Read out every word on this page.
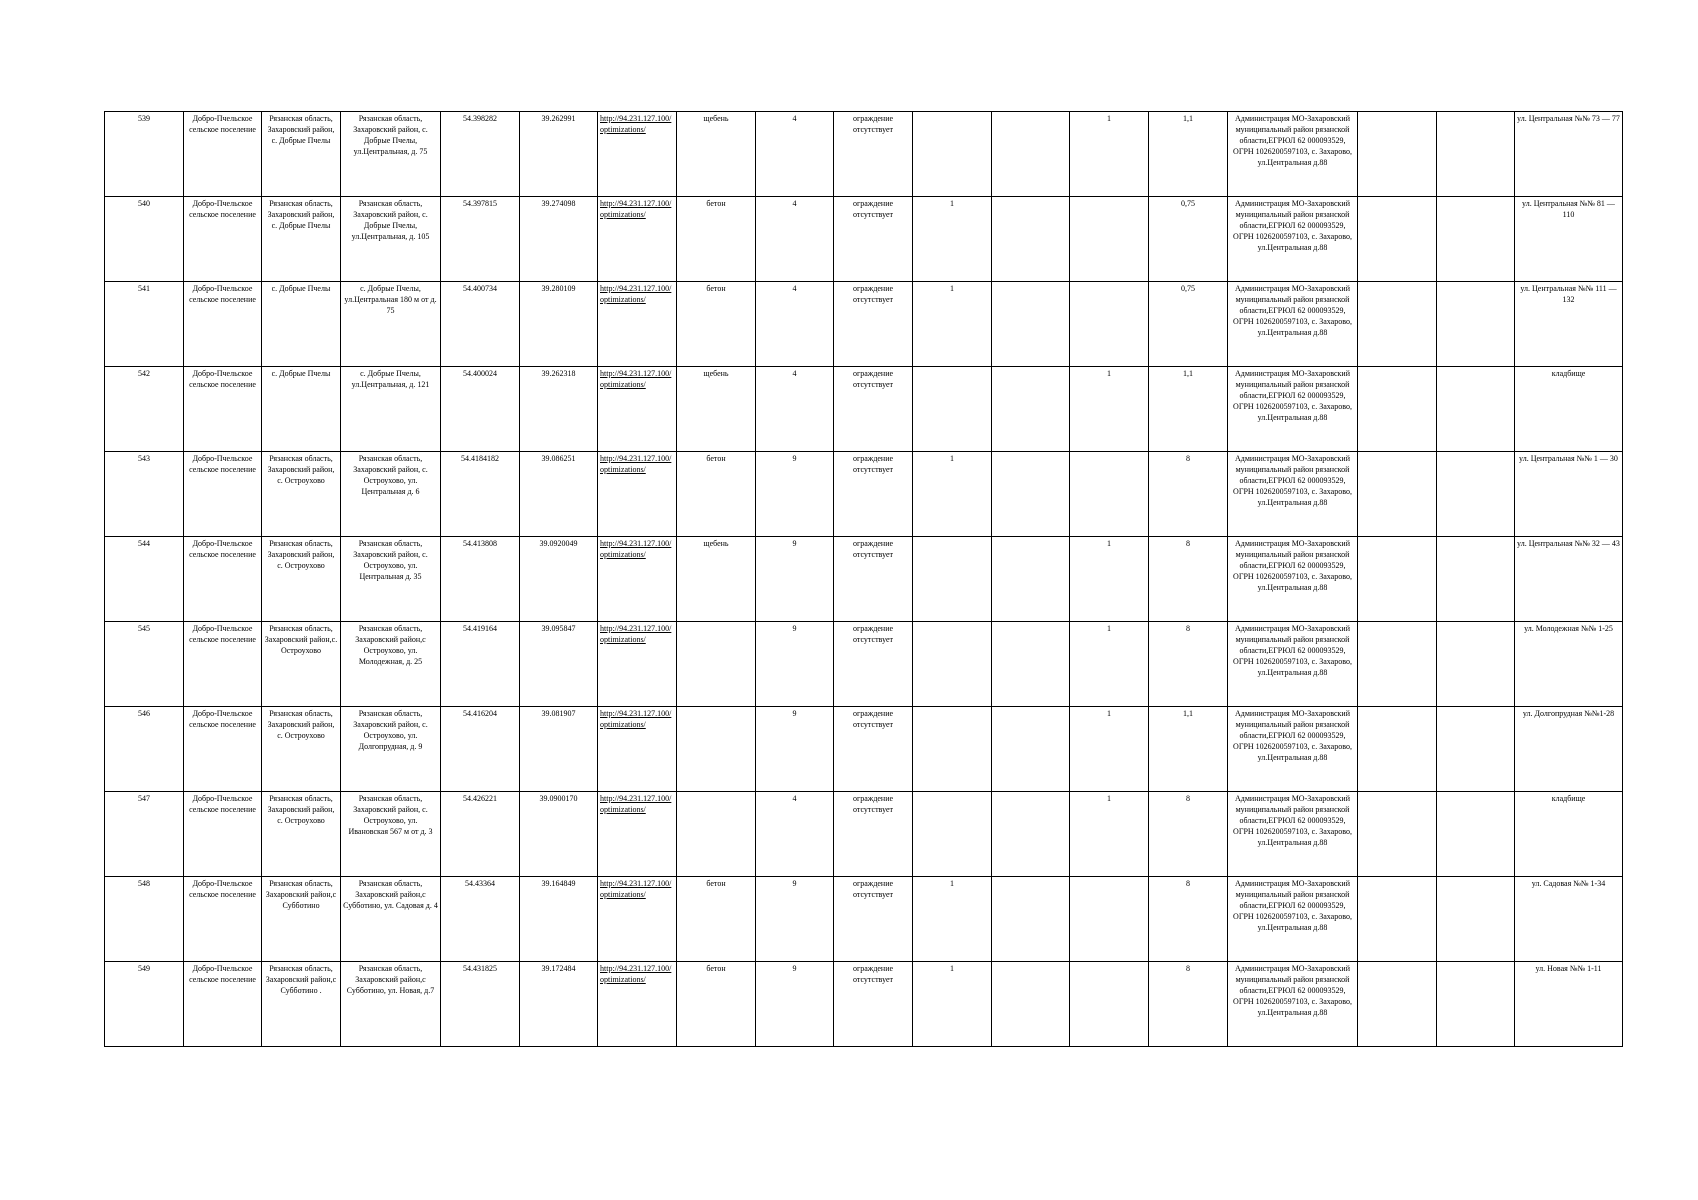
539	Добро-Пчельское сельское поселение	Рязанская область, Захаровский район, с. Добрые Пчелы	Рязанская область, Захаровский район, с. Добрые Пчелы, ул.Центральная, д. 75	54.398282	39.262991	http://94.231.127.100/optimizations/	щебень	4	ограждение отсутствует			1	1,1	Администрация МО-Захаровский муниципальный район рязанской области,ЕГРЮЛ 62 000093529, ОГРН 1026200597103, с. Захарово, ул.Центральная д.88			ул. Центральная №№ 73 — 77
540	Добро-Пчельское сельское поселение	Рязанская область, Захаровский район, с. Добрые Пчелы	Рязанская область, Захаровский район, с. Добрые Пчелы, ул.Центральная, д. 105	54.397815	39.274098	http://94.231.127.100/optimizations/	бетон	4	ограждение отсутствует	1			0,75	Администрация МО-Захаровский муниципальный район рязанской области,ЕГРЮЛ 62 000093529, ОГРН 1026200597103, с. Захарово, ул.Центральная д.88			ул. Центральная №№ 81 — 110
541	Добро-Пчельское сельское поселение	с. Добрые Пчелы	с. Добрые Пчелы, ул.Центральная 180 м от д. 75	54.400734	39.280109	http://94.231.127.100/optimizations/	бетон	4	ограждение отсутствует	1			0,75	Администрация МО-Захаровский муниципальный район рязанской области,ЕГРЮЛ 62 000093529, ОГРН 1026200597103, с. Захарово, ул.Центральная д.88			ул. Центральная №№ 111 — 132
542	Добро-Пчельское сельское поселение	с. Добрые Пчелы	с. Добрые Пчелы, ул.Центральная, д. 121	54.400024	39.262318	http://94.231.127.100/optimizations/	щебень	4	ограждение отсутствует			1	1,1	Администрация МО-Захаровский муниципальный район рязанской области,ЕГРЮЛ 62 000093529, ОГРН 1026200597103, с. Захарово, ул.Центральная д.88			кладбище
543	Добро-Пчельское сельское поселение	Рязанская область, Захаровский район, с. Остроухово	Рязанская область, Захаровский район, с. Остроухово, ул. Центральная д. 6	54.4184182	39.086251	http://94.231.127.100/optimizations/	бетон	9	ограждение отсутствует	1			8	Администрация МО-Захаровский муниципальный район рязанской области,ЕГРЮЛ 62 000093529, ОГРН 1026200597103, с. Захарово, ул.Центральная д.88			ул. Центральная №№ 1 — 30
544	Добро-Пчельское сельское поселение	Рязанская область, Захаровский район, с. Остроухово	Рязанская область, Захаровский район, с. Остроухово, ул. Центральная д. 35	54.413808	39.0920049	http://94.231.127.100/optimizations/	щебень	9	ограждение отсутствует			1	8	Администрация МО-Захаровский муниципальный район рязанской области,ЕГРЮЛ 62 000093529, ОГРН 1026200597103, с. Захарово, ул.Центральная д.88			ул. Центральная №№ 32 — 43
545	Добро-Пчельское сельское поселение	Рязанская область, Захаровский район,с. Остроухово	Рязанская область, Захаровский район,с Остроухово, ул. Молодежная, д. 25	54.419164	39.095847	http://94.231.127.100/optimizations/		9	ограждение отсутствует			1	8	Администрация МО-Захаровский муниципальный район рязанской области,ЕГРЮЛ 62 000093529, ОГРН 1026200597103, с. Захарово, ул.Центральная д.88			ул. Молодежная №№ 1-25
546	Добро-Пчельское сельское поселение	Рязанская область, Захаровский район, с. Остроухово	Рязанская область, Захаровский район, с. Остроухово, ул. Долгопрудная, д. 9	54.416204	39.081907	http://94.231.127.100/optimizations/		9	ограждение отсутствует			1	1,1	Администрация МО-Захаровский муниципальный район рязанской области,ЕГРЮЛ 62 000093529, ОГРН 1026200597103, с. Захарово, ул.Центральная д.88			ул. Долгопрудная №№1-28
547	Добро-Пчельское сельское поселение	Рязанская область, Захаровский район, с. Остроухово	Рязанская область, Захаровский район, с. Остроухово, ул. Ивановская 567 м от д. 3	54.426221	39.0900170	http://94.231.127.100/optimizations/		4	ограждение отсутствует			1	8	Администрация МО-Захаровский муниципальный район рязанской области,ЕГРЮЛ 62 000093529, ОГРН 1026200597103, с. Захарово, ул.Центральная д.88			кладбище
548	Добро-Пчельское сельское поселение	Рязанская область, Захаровский район,с Субботино	Рязанская область, Захаровский район,с Субботино, ул. Садовая д. 4	54.43364	39.164849	http://94.231.127.100/optimizations/	бетон	9	ограждение отсутствует	1			8	Администрация МО-Захаровский муниципальный район рязанской области,ЕГРЮЛ 62 000093529, ОГРН 1026200597103, с. Захарово, ул.Центральная д.88			ул. Садовая №№ 1-34
549	Добро-Пчельское сельское поселение	Рязанская область, Захаровский район,с Субботино .	Рязанская область, Захаровский район,с Субботино, ул. Новая, д.7	54.431825	39.172484	http://94.231.127.100/optimizations/	бетон	9	ограждение отсутствует	1			8	Администрация МО-Захаровский муниципальный район рязанской области,ЕГРЮЛ 62 000093529, ОГРН 1026200597103, с. Захарово, ул.Центральная д.88			ул. Новая №№ 1-11
